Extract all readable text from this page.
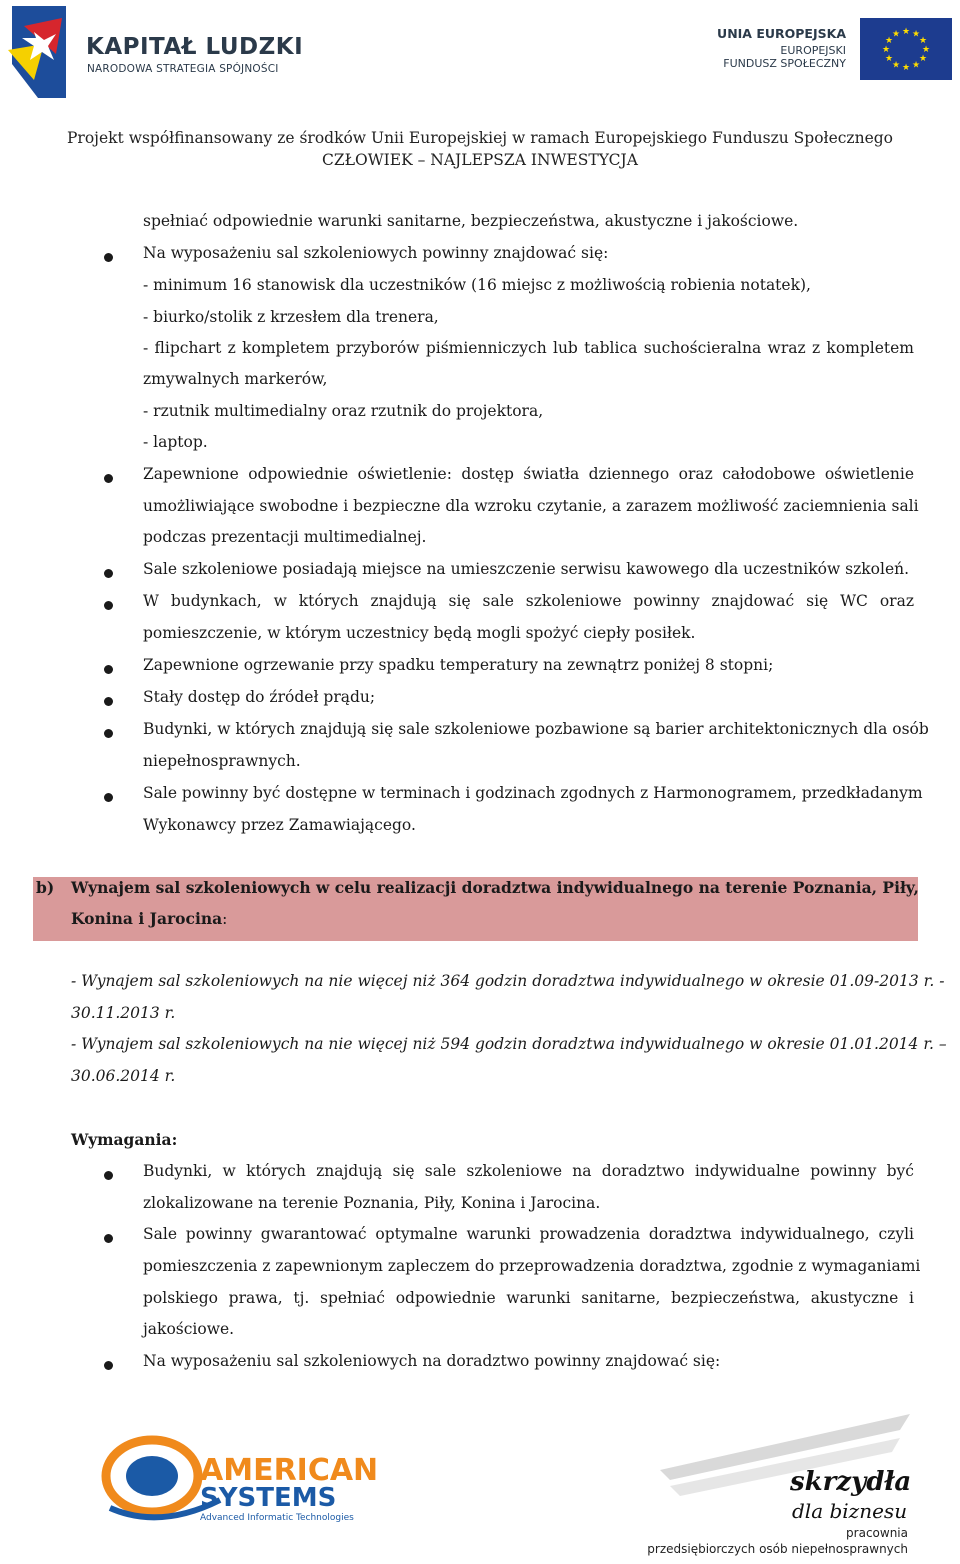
KAPITAŁ LUDZKI
NARODOWA STRATEGIA SPÓJNOŚCI
UNIA EUROPEJSKA
EUROPEJSKI
FUNDUSZ SPOŁECZNY
★ ★
★
★
★
★
★
★
★
★
★
★
Projekt współfinansowany ze środków Unii Europejskiej w ramach Europejskiego Funduszu Społecznego
CZŁOWIEK – NAJLEPSZA INWESTYCJA
spełniać odpowiednie warunki sanitarne, bezpieczeństwa, akustyczne i jakościowe.
Na wyposażeniu sal szkoleniowych powinny znajdować się:
- minimum 16 stanowisk dla uczestników (16 miejsc z możliwością robienia notatek),
- biurko/stolik z krzesłem dla trenera,
- flipchart z kompletem przyborów piśmienniczych lub tablica suchościeralna wraz z kompletem
zmywalnych markerów,
- rzutnik multimedialny oraz rzutnik do projektora,
- laptop.
Zapewnione odpowiednie oświetlenie: dostęp światła dziennego oraz całodobowe oświetlenie
umożliwiające swobodne i bezpieczne dla wzroku czytanie, a zarazem możliwość zaciemnienia sali
podczas prezentacji multimedialnej.
Sale szkoleniowe posiadają miejsce na umieszczenie serwisu kawowego dla uczestników szkoleń.
W budynkach, w których znajdują się sale szkoleniowe powinny znajdować się WC oraz
pomieszczenie, w którym uczestnicy będą mogli spożyć ciepły posiłek.
Zapewnione ogrzewanie przy spadku temperatury na zewnątrz poniżej 8 stopni;
Stały dostęp do źródeł prądu;
Budynki, w których znajdują się sale szkoleniowe pozbawione są barier architektonicznych dla osób
niepełnosprawnych.
Sale powinny być dostępne w terminach i godzinach zgodnych z Harmonogramem, przedkładanym
Wykonawcy przez Zamawiającego.
b) Wynajem sal szkoleniowych w celu realizacji doradztwa indywidualnego na terenie Poznania, Piły,
Konina i Jarocina:
- Wynajem sal szkoleniowych na nie więcej niż 364 godzin doradztwa indywidualnego w okresie 01.09-2013 r. -
30.11.2013 r.
- Wynajem sal szkoleniowych na nie więcej niż 594 godzin doradztwa indywidualnego w okresie 01.01.2014 r. –
30.06.2014 r.
Wymagania:
Budynki, w których znajdują się sale szkoleniowe na doradztwo indywidualne powinny być
zlokalizowane na terenie Poznania, Piły, Konina i Jarocina.
Sale powinny gwarantować optymalne warunki prowadzenia doradztwa indywidualnego, czyli
pomieszczenia z zapewnionym zapleczem do przeprowadzenia doradztwa, zgodnie z wymaganiami
polskiego prawa, tj. spełniać odpowiednie warunki sanitarne, bezpieczeństwa, akustyczne i
jakościowe.
Na wyposażeniu sal szkoleniowych na doradztwo powinny znajdować się:
AMERICAN
SYSTEMS
Advanced Informatic Technologies
skrzydła
dla biznesu
pracownia
przedsiębiorczych osób niepełnosprawnych
